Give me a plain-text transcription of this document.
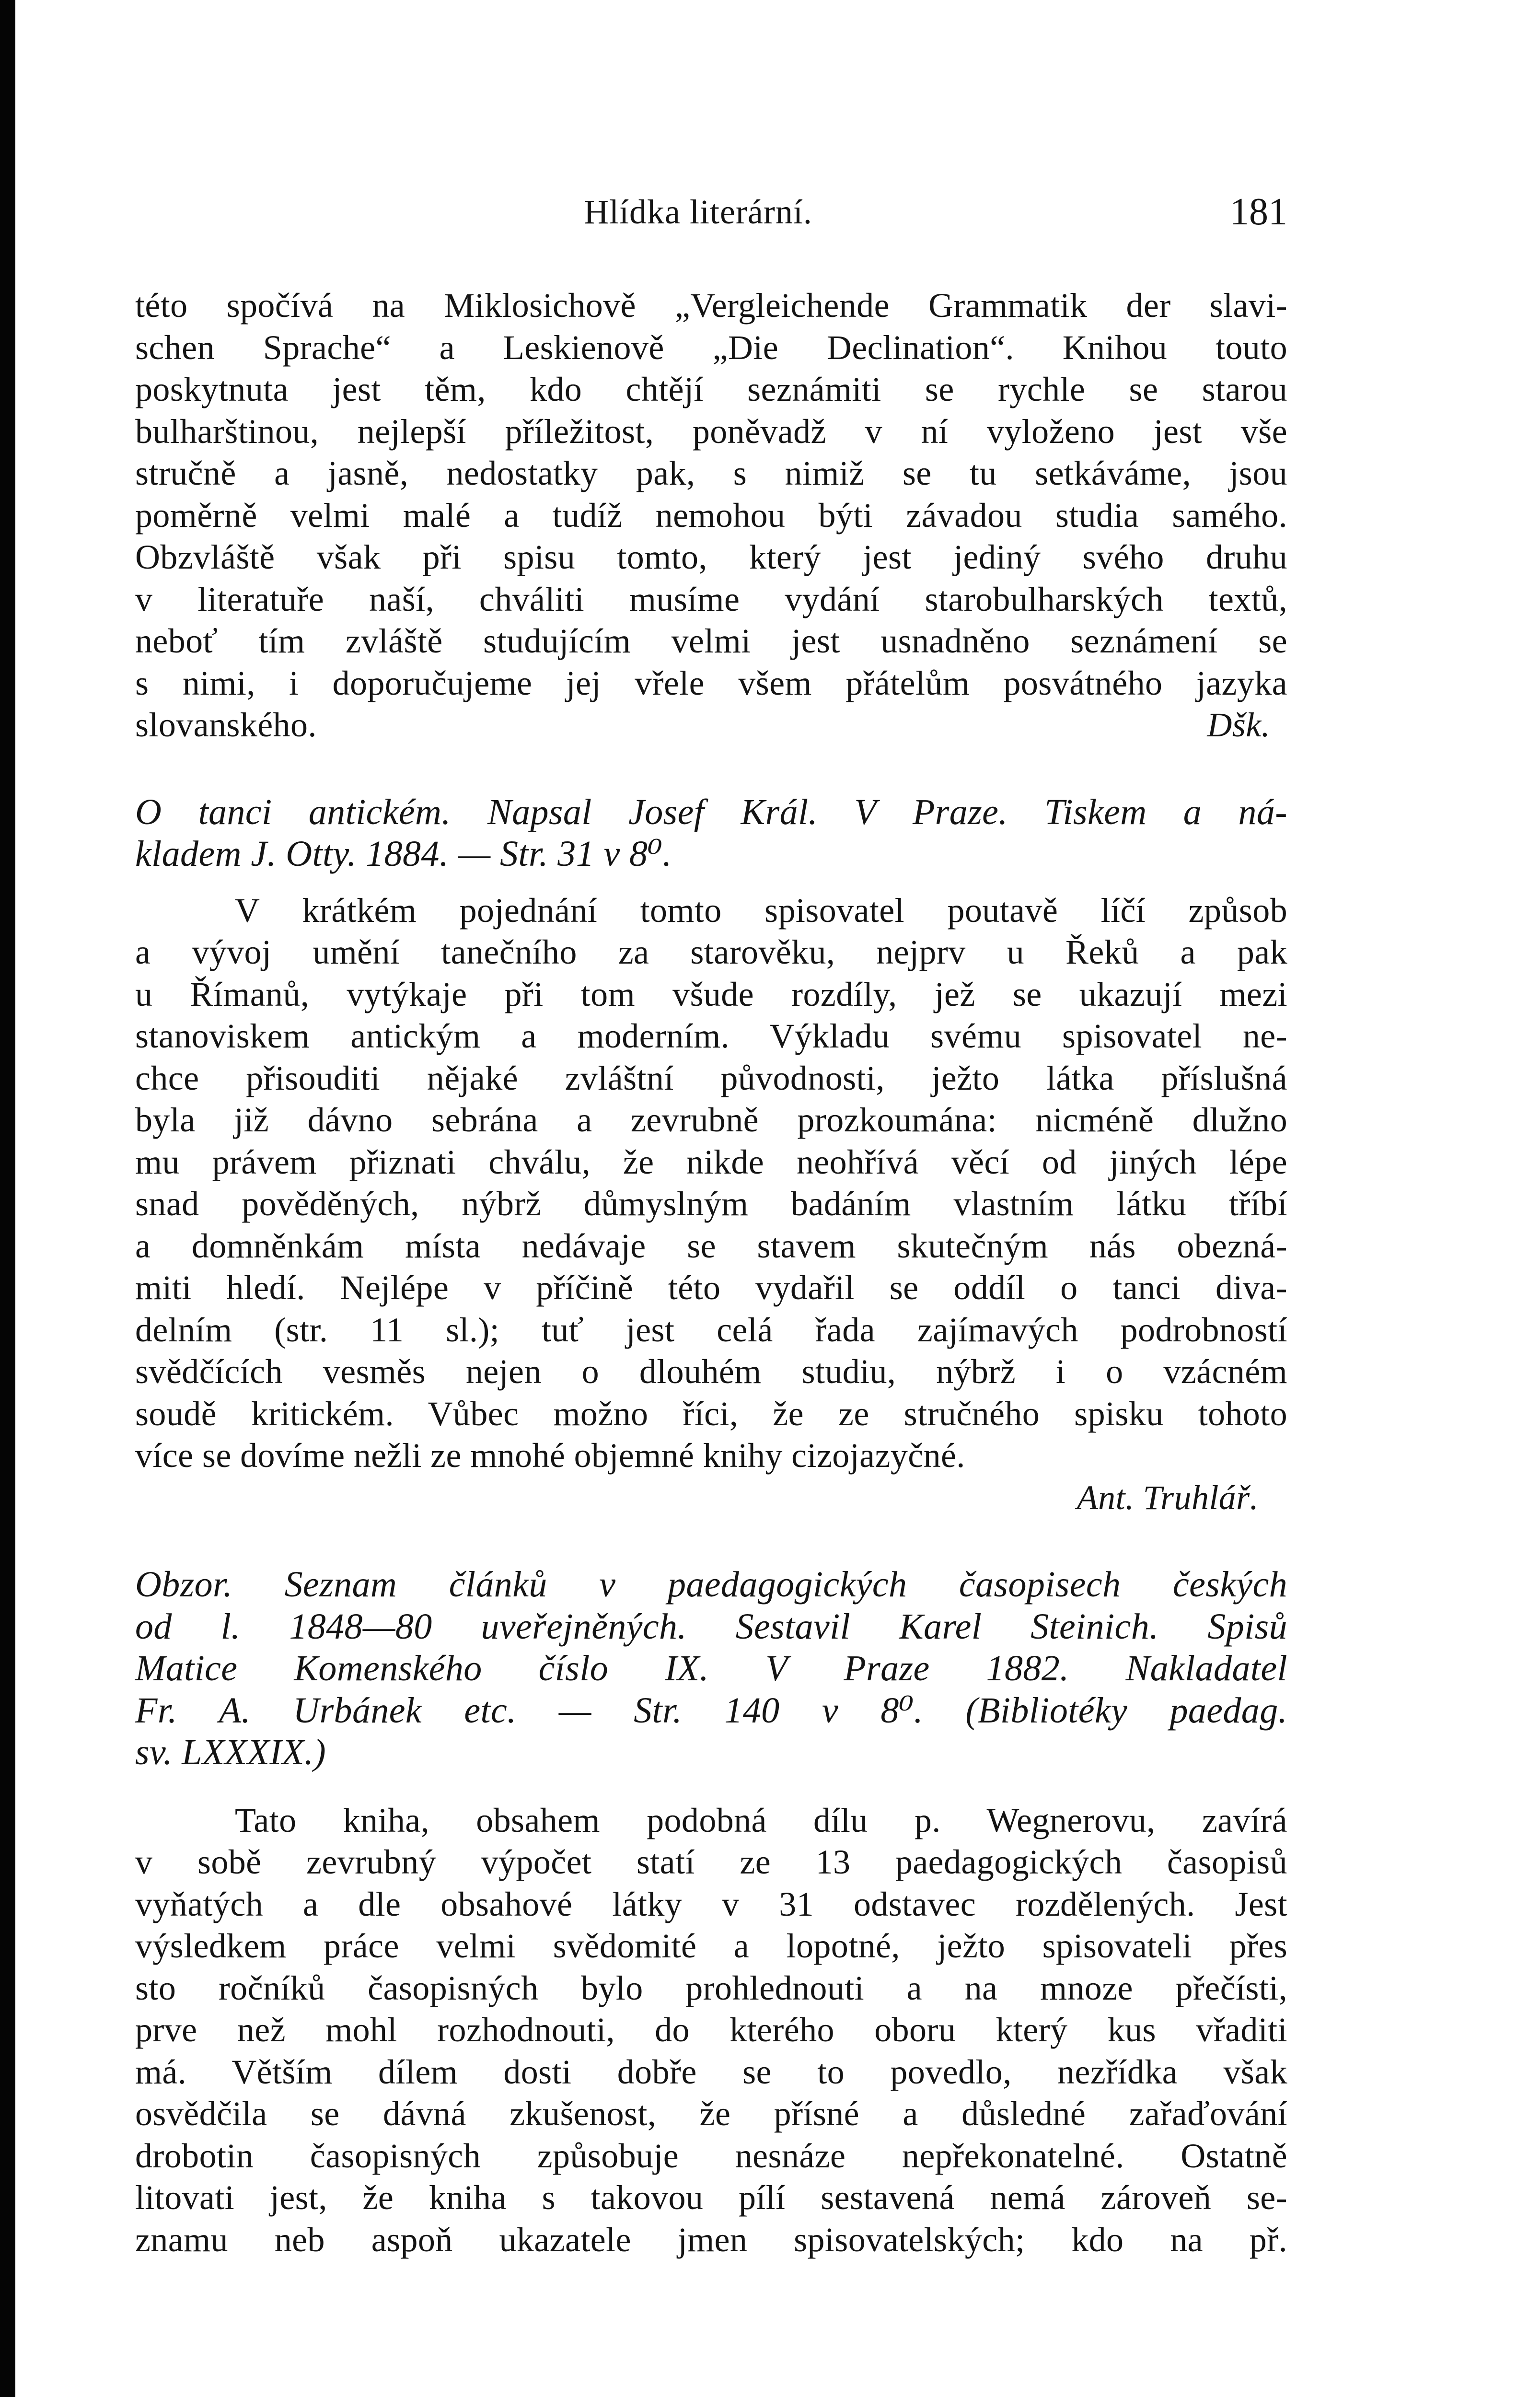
Hlídka literární.	181
této spočívá na Miklosichově „Vergleichende Grammatik der slavi-
schen Sprache“ a Leskienově „Die Declination“. Knihou touto
poskytnuta jest těm, kdo chtějí seznámiti se rychle se starou
bulharštinou, nejlepší příležitost, poněvadž v ní vyloženo jest vše
stručně a jasně, nedostatky pak, s nimiž se tu setkáváme, jsou
poměrně velmi malé a tudíž nemohou býti závadou studia samého.
Obzvláště však při spisu tomto, který jest jediný svého druhu
v literatuře naší, chváliti musíme vydání starobulharských textů,
neboť tím zvláště studujícím velmi jest usnadněno seznámení se
s nimi, i doporučujeme jej vřele všem přátelům posvátného jazyka
slovanského.	Dšk.
O tanci antickém. Napsal Josef Král. V Praze. Tiskem a ná-
kladem J. Otty. 1884. — Str. 31 v 8⁰.
V krátkém pojednání tomto spisovatel poutavě líčí způsob
a vývoj umění tanečního za starověku, nejprv u Řeků a pak
u Římanů, vytýkaje při tom všude rozdíly, jež se ukazují mezi
stanoviskem antickým a moderním. Výkladu svému spisovatel ne-
chce přisouditi nějaké zvláštní původnosti, ježto látka příslušná
byla již dávno sebrána a zevrubně prozkoumána: nicméně dlužno
mu právem přiznati chválu, že nikde neohřívá věcí od jiných lépe
snad pověděných, nýbrž důmyslným badáním vlastním látku tříbí
a domněnkám místa nedávaje se stavem skutečným nás obezná-
miti hledí. Nejlépe v příčině této vydařil se oddíl o tanci diva-
delním (str. 11 sl.); tuť jest celá řada zajímavých podrobností
svědčících vesměs nejen o dlouhém studiu, nýbrž i o vzácném
soudě kritickém. Vůbec možno říci, že ze stručného spisku tohoto
více se dovíme nežli ze mnohé objemné knihy cizojazyčné.
Ant. Truhlář.
Obzor. Seznam článků v paedagogických časopisech českých
od l. 1848—80 uveřejněných. Sestavil Karel Steinich. Spisů
Matice Komenského číslo IX. V Praze 1882. Nakladatel
Fr. A. Urbánek etc. — Str. 140 v 8⁰. (Bibliotéky paedag.
sv. LXXXIX.)
Tato kniha, obsahem podobná dílu p. Wegnerovu, zavírá
v sobě zevrubný výpočet statí ze 13 paedagogických časopisů
vyňatých a dle obsahové látky v 31 odstavec rozdělených. Jest
výsledkem práce velmi svědomité a lopotné, ježto spisovateli přes
sto ročníků časopisných bylo prohlednouti a na mnoze přečísti,
prve než mohl rozhodnouti, do kterého oboru který kus vřaditi
má. Větším dílem dosti dobře se to povedlo, nezřídka však
osvědčila se dávná zkušenost, že přísné a důsledné zařaďování
drobotin časopisných způsobuje nesnáze nepřekonatelné. Ostatně
litovati jest, že kniha s takovou pílí sestavená nemá zároveň se-
znamu neb aspoň ukazatele jmen spisovatelských; kdo na př.
